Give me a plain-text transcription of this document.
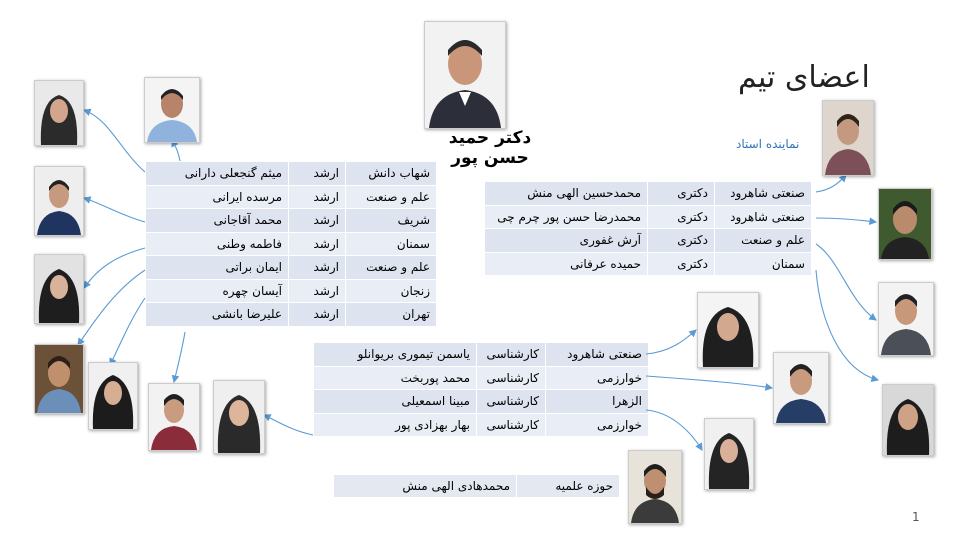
اعضای تیم
دکتر حمید حسن پور
نماینده استاد
1
شهاب دانش	ارشد	میثم گنجعلی دارانی
علم و صنعت	ارشد	مرسده ایرانی
شریف	ارشد	محمد آقاجانی
سمنان	ارشد	فاطمه وطنی
علم و صنعت	ارشد	ایمان براتی
زنجان	ارشد	آیسان چهره
تهران	ارشد	علیرضا بانشی
صنعتی شاهرود	دکتری	محمدحسین الهی منش
صنعتی شاهرود	دکتری	محمدرضا حسن پور چرم چی
علم و صنعت	دکتری	آرش غفوری
سمنان	دکتری	حمیده عرفانی
صنعتی شاهرود	کارشناسی	یاسمن تیموری بریوانلو
خوارزمی	کارشناسی	محمد پوربخت
الزهرا	کارشناسی	مبینا اسمعیلی
خوارزمی	کارشناسی	بهار بهزادی پور
حوزه علمیه	محمدهادی الهی منش
